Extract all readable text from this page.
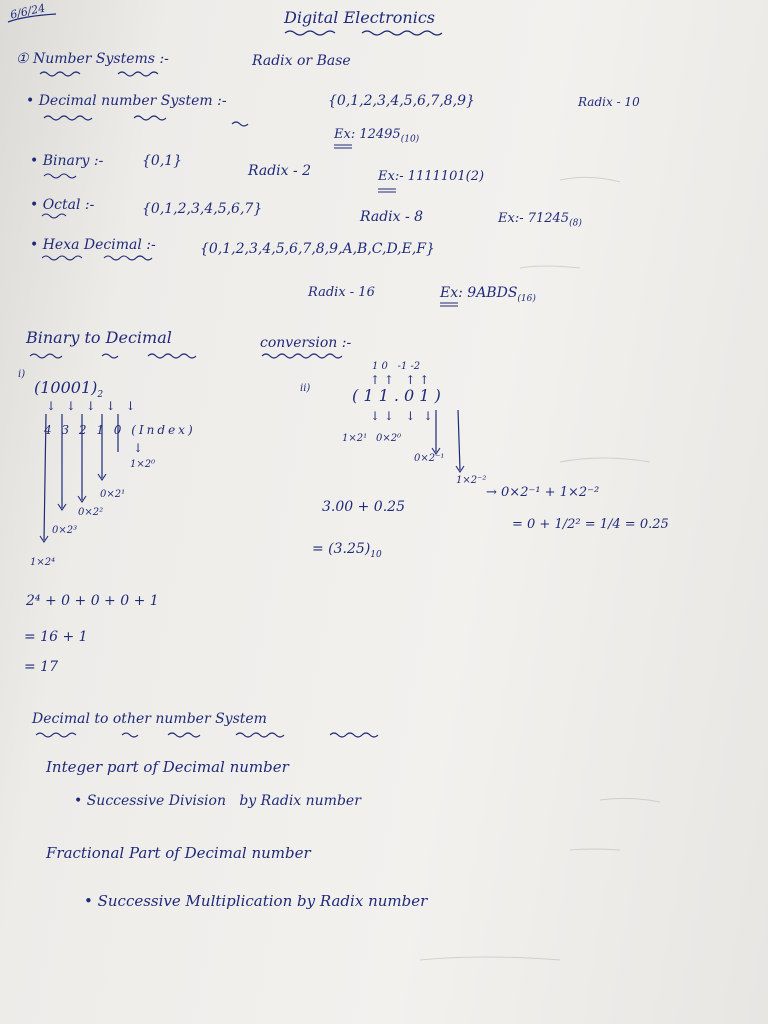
6/6/24	Digital Electronics
① Number Systems :-	Radix or Base
• Decimal number System :-	{0,1,2,3,4,5,6,7,8,9}	Radix - 10
Ex: $12495_{(10)}$
• Binary :-	{0,1}
Radix - 2	Ex:- 1111101(2)
• Octal :-	{0,1,2,3,4,5,6,7}	Radix - 8	Ex:- $71245_{(8)}$
• Hexa Decimal :-	{0,1,2,3,4,5,6,7,8,9,A,B,C,D,E,F}
Radix - 16	Ex: $9ABDS_{(16)}$
Binary to Decimal	conversion :-
i)
$(10001)_2$
↓ ↓ ↓ ↓ ↓
4 3 2 1 0 (Index)
↓
1×2⁰
0×2¹
0×2²
0×2³
1×2⁴
2⁴ + 0 + 0 + 0 + 1
= 16 + 1
= 17
ii)
1 0   -1 -2
↑ ↑   ↑ ↑
( 1 1 . 0 1 )
↓ ↓   ↓  ↓
1×2¹ 0×2⁰
0×2⁻¹
1×2⁻²
3.00 + 0.25
= $(3.25)_{10}$
→ 0×2⁻¹ + 1×2⁻²
= 0 + 1/2² = 1/4 = 0.25
Decimal to other number System
Integer part of Decimal number
• Successive Division   by Radix number
Fractional Part of Decimal number
• Successive Multiplication by Radix number
